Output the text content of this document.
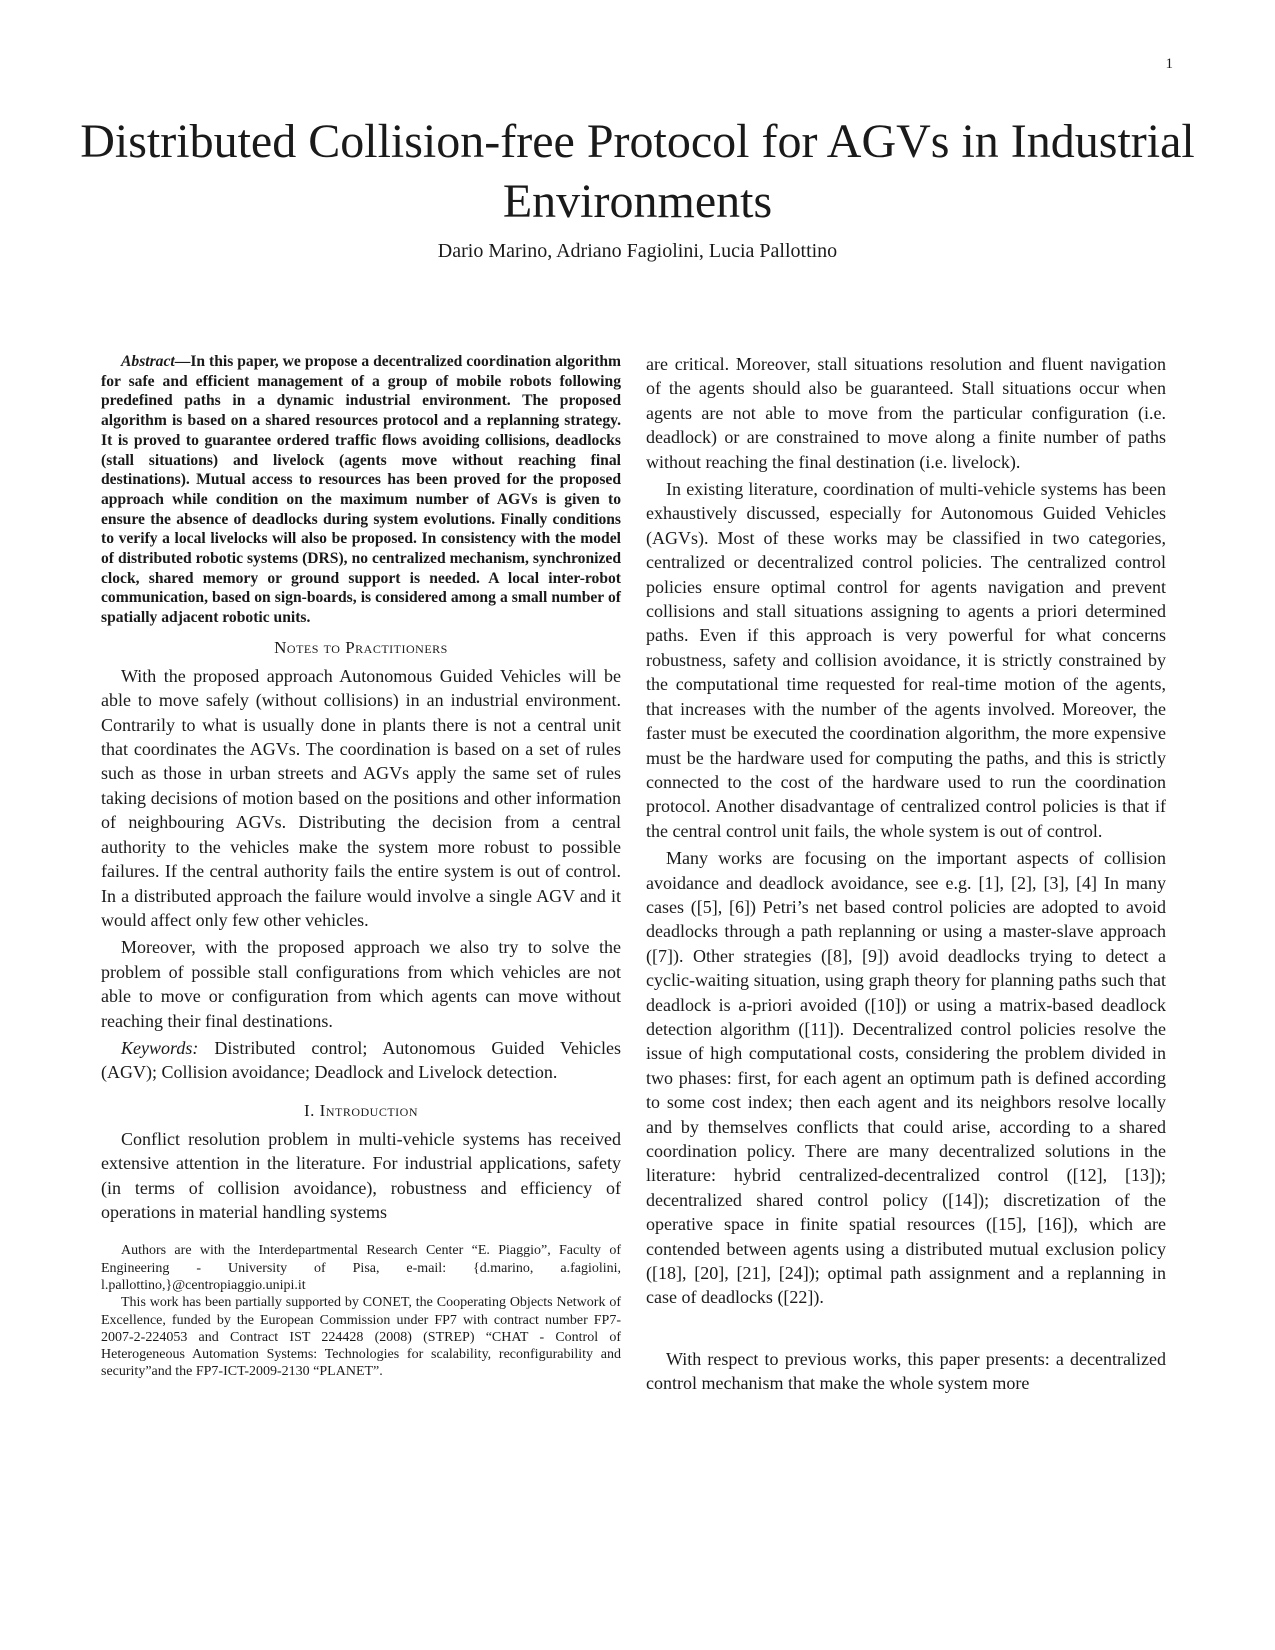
1
Distributed Collision-free Protocol for AGVs in Industrial Environments
Dario Marino, Adriano Fagiolini, Lucia Pallottino

Abstract—In this paper, we propose a decentralized coordination algorithm for safe and efficient management of a group of mobile robots following predefined paths in a dynamic industrial environment. The proposed algorithm is based on a shared resources protocol and a replanning strategy. It is proved to guarantee ordered traffic flows avoiding collisions, deadlocks (stall situations) and livelock (agents move without reaching final destinations). Mutual access to resources has been proved for the proposed approach while condition on the maximum number of AGVs is given to ensure the absence of deadlocks during system evolutions. Finally conditions to verify a local livelocks will also be proposed. In consistency with the model of distributed robotic systems (DRS), no centralized mechanism, synchronized clock, shared memory or ground support is needed. A local inter-robot communication, based on sign-boards, is considered among a small number of spatially adjacent robotic units.

Notes to Practitioners

With the proposed approach Autonomous Guided Vehicles will be able to move safely (without collisions) in an industrial environment. Contrarily to what is usually done in plants there is not a central unit that coordinates the AGVs. The coordination is based on a set of rules such as those in urban streets and AGVs apply the same set of rules taking decisions of motion based on the positions and other information of neighbouring AGVs. Distributing the decision from a central authority to the vehicles make the system more robust to possible failures. If the central authority fails the entire system is out of control. In a distributed approach the failure would involve a single AGV and it would affect only few other vehicles.

Moreover, with the proposed approach we also try to solve the problem of possible stall configurations from which vehicles are not able to move or configuration from which agents can move without reaching their final destinations.

Keywords: Distributed control; Autonomous Guided Vehicles (AGV); Collision avoidance; Deadlock and Livelock detection.

I. Introduction

Conflict resolution problem in multi-vehicle systems has received extensive attention in the literature. For industrial applications, safety (in terms of collision avoidance), robustness and efficiency of operations in material handling systems

Authors are with the Interdepartmental Research Center “E. Piaggio”, Faculty of Engineering - University of Pisa, e-mail: {d.marino, a.fagiolini, l.pallottino,}@centropiaggio.unipi.it

This work has been partially supported by CONET, the Cooperating Objects Network of Excellence, funded by the European Commission under FP7 with contract number FP7-2007-2-224053 and Contract IST 224428 (2008) (STREP) “CHAT - Control of Heterogeneous Automation Systems: Technologies for scalability, reconfigurability and security”and the FP7-ICT-2009-2130 “PLANET”.

are critical. Moreover, stall situations resolution and fluent navigation of the agents should also be guaranteed. Stall situations occur when agents are not able to move from the particular configuration (i.e. deadlock) or are constrained to move along a finite number of paths without reaching the final destination (i.e. livelock).

In existing literature, coordination of multi-vehicle systems has been exhaustively discussed, especially for Autonomous Guided Vehicles (AGVs). Most of these works may be classified in two categories, centralized or decentralized control policies. The centralized control policies ensure optimal control for agents navigation and prevent collisions and stall situations assigning to agents a priori determined paths. Even if this approach is very powerful for what concerns robustness, safety and collision avoidance, it is strictly constrained by the computational time requested for real-time motion of the agents, that increases with the number of the agents involved. Moreover, the faster must be executed the coordination algorithm, the more expensive must be the hardware used for computing the paths, and this is strictly connected to the cost of the hardware used to run the coordination protocol. Another disadvantage of centralized control policies is that if the central control unit fails, the whole system is out of control.

Many works are focusing on the important aspects of collision avoidance and deadlock avoidance, see e.g. [1], [2], [3], [4] In many cases ([5], [6]) Petri’s net based control policies are adopted to avoid deadlocks through a path replanning or using a master-slave approach ([7]). Other strategies ([8], [9]) avoid deadlocks trying to detect a cyclic-waiting situation, using graph theory for planning paths such that deadlock is a-priori avoided ([10]) or using a matrix-based deadlock detection algorithm ([11]). Decentralized control policies resolve the issue of high computational costs, considering the problem divided in two phases: first, for each agent an optimum path is defined according to some cost index; then each agent and its neighbors resolve locally and by themselves conflicts that could arise, according to a shared coordination policy. There are many decentralized solutions in the literature: hybrid centralized-decentralized control ([12], [13]); decentralized shared control policy ([14]); discretization of the operative space in finite spatial resources ([15], [16]), which are contended between agents using a distributed mutual exclusion policy ([18], [20], [21], [24]); optimal path assignment and a replanning in case of deadlocks ([22]).

With respect to previous works, this paper presents: a decentralized control mechanism that make the whole system more
